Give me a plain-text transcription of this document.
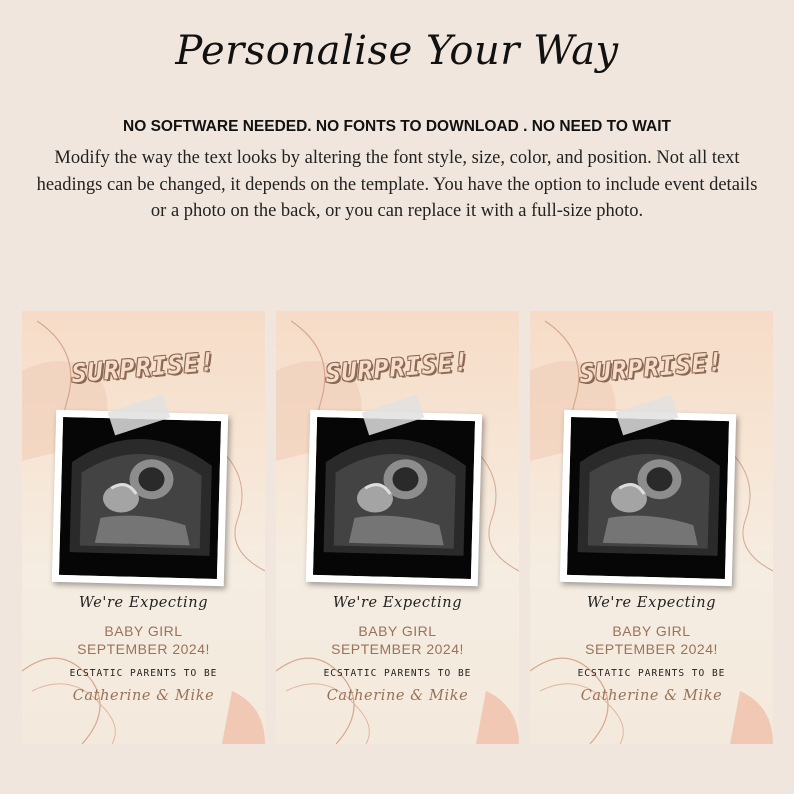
Personalise Your Way
NO SOFTWARE NEEDED. NO FONTS TO DOWNLOAD . NO NEED TO WAIT
Modify the way the text looks by altering the font style, size, color, and position. Not all text headings can be changed, it depends on the template. You have the option to include event details or a photo on the back, or you can replace it with a full-size photo.
SURPRISE!
We're Expecting
BABY GIRL
SEPTEMBER 2024!
ECSTATIC PARENTS TO BE
Catherine & Mike
SURPRISE!
We're Expecting
BABY GIRL
SEPTEMBER 2024!
ECSTATIC PARENTS TO BE
Catherine & Mike
SURPRISE!
We're Expecting
BABY GIRL
SEPTEMBER 2024!
ECSTATIC PARENTS TO BE
Catherine & Mike
